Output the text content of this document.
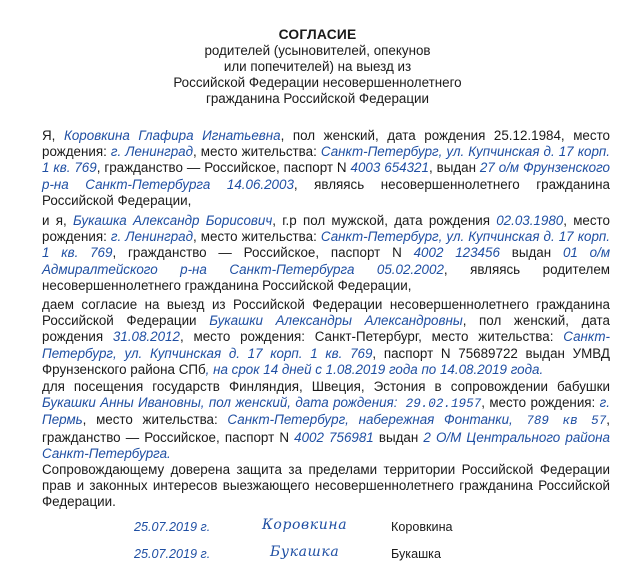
СОГЛАСИЕ
родителей (усыновителей, опекунов
или попечителей) на выезд из
Российской Федерации несовершеннолетнего
гражданина Российской Федерации
Я, Коровкина Глафира Игнатьевна, пол женский, дата рождения 25.12.1984, место рождения: г. Ленинград, место жительства: Санкт-Петербург, ул. Купчинская д. 17 корп. 1 кв. 769, гражданство — Российское, паспорт N 4003 654321, выдан 27 о/м Фрунзенского р-на Санкт-Петербурга 14.06.2003, являясь несовершеннолетнего гражданина Российской Федерации,
и я, Букашка Александр Борисович, г.р пол мужской, дата рождения 02.03.1980, место рождения: г. Ленинград, место жительства: Санкт-Петербург, ул. Купчинская д. 17 корп. 1 кв. 769, гражданство — Российское, паспорт N 4002 123456 выдан 01 о/м Адмиралтейского р-на Санкт-Петербурга 05.02.2002, являясь родителем несовершеннолетнего гражданина Российской Федерации,
даем согласие на выезд из Российской Федерации несовершеннолетнего гражданина Российской Федерации Букашки Александры Александровны, пол женский, дата рождения 31.08.2012, место рождения: Санкт-Петербург, место жительства: Санкт-Петербург, ул. Купчинская д. 17 корп. 1 кв. 769, паспорт N 75689722 выдан УМВД Фрунзенского района СПб, на срок 14 дней с 1.08.2019 года по 14.08.2019 года.
для посещения государств Финляндия, Швеция, Эстония в сопровождении бабушки Букашки Анны Ивановны, пол женский, дата рождения: 29.02.1957, место рождения: г. Пермь, место жительства: Санкт-Петербург, набережная Фонтанки, 789 кв 57, гражданство — Российское, паспорт N 4002 756981 выдан 2 О/М Центрального района Санкт-Петербурга.
Сопровождающему доверена защита за пределами территории Российской Федерации прав и законных интересов выезжающего несовершеннолетнего гражданина Российской Федерации.
25.07.2019 г.	Коровкина	Коровкина
25.07.2019 г.	Букашка	Букашка
